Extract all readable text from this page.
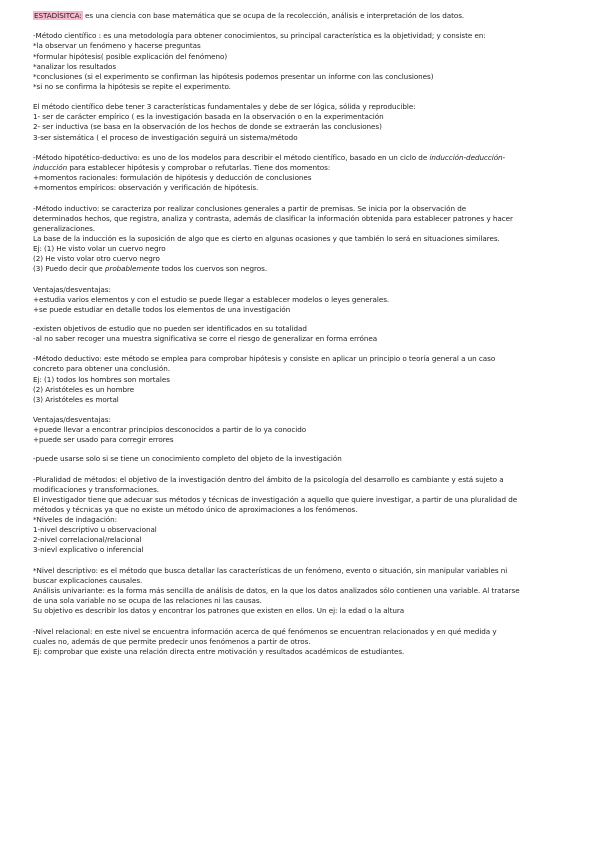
ESTADÍSITCA: es una ciencia con base matemática que se ocupa de la recolección, análisis e interpretación de los datos.
-Método científico : es una metodología para obtener conocimientos, su principal característica es la objetividad; y consiste en:
*la observar un fenómeno y hacerse preguntas
*formular hipótesis( posible explicación del fenómeno)
*analizar los resultados
*conclusiones (si el experimento se confirman las hipótesis podemos presentar un informe con las conclusiones)
*si no se confirma la hipótesis se repite el experimento.
El método científico debe tener 3 características fundamentales y debe de ser lógica, sólida y reproducible:
1- ser de carácter empírico ( es la investigación basada en la observación o en la experimentación
2- ser inductiva (se basa en la observación de los hechos de donde se extraerán las conclusiones)
3-ser sistemática ( el proceso de investigación seguirá un sistema/método
-Método hipotético-deductivo: es uno de los modelos para describir el método científico, basado en un ciclo de inducción-deducción-
inducción para establecer hipótesis y comprobar o refutarlas. Tiene dos momentos:
+momentos racionales: formulación de hipótesis y deducción de conclusiones
+momentos empíricos: observación y verificación de hipótesis.
-Método inductivo: se caracteriza por realizar conclusiones generales a partir de premisas. Se inicia por la observación de
determinados hechos, que registra, analiza y contrasta, además de clasificar la información obtenida para establecer patrones y hacer
generalizaciones.
La base de la inducción es la suposición de algo que es cierto en algunas ocasiones y que también lo será en situaciones similares.
Ej: (1) He visto volar un cuervo negro
(2) He visto volar otro cuervo negro
(3) Puedo decir que probablemente todos los cuervos son negros.
Ventajas/desventajas:
+estudia varios elementos y con el estudio se puede llegar a establecer modelos o leyes generales.
+se puede estudiar en detalle todos los elementos de una investigación
-existen objetivos de estudio que no pueden ser identificados en su totalidad
-al no saber recoger una muestra significativa se corre el riesgo de generalizar en forma errónea
-Método deductivo: este método se emplea para comprobar hipótesis y consiste en aplicar un principio o teoría general a un caso
concreto para obtener una conclusión.
Ej: (1) todos los hombres son mortales
(2) Aristóteles es un hombre
(3) Aristóteles es mortal
Ventajas/desventajas:
+puede llevar a encontrar principios desconocidos a partir de lo ya conocido
+puede ser usado para corregir errores
-puede usarse solo si se tiene un conocimiento completo del objeto de la investigación
-Pluralidad de métodos: el objetivo de la investigación dentro del ámbito de la psicología del desarrollo es cambiante y está sujeto a
modificaciones y transformaciones.
El investigador tiene que adecuar sus métodos y técnicas de investigación a aquello que quiere investigar, a partir de una pluralidad de
métodos y técnicas ya que no existe un método único de aproximaciones a los fenómenos.
*Niveles de indagación:
1-nivel descriptivo u observacional
2-nivel correlacional/relacional
3-nievl explicativo o inferencial
*Nivel descriptivo: es el método que busca detallar las características de un fenómeno, evento o situación, sin manipular variables ni
buscar explicaciones causales.
Análisis univariante: es la forma más sencilla de análisis de datos, en la que los datos analizados sólo contienen una variable. Al tratarse
de una sola variable no se ocupa de las relaciones ni las causas.
Su objetivo es describir los datos y encontrar los patrones que existen en ellos. Un ej: la edad o la altura
-Nivel relacional: en este nivel se encuentra información acerca de qué fenómenos se encuentran relacionados y en qué medida y
cuales no, además de que permite predecir unos fenómenos a partir de otros.
Ej: comprobar que existe una relación directa entre motivación y resultados académicos de estudiantes.
